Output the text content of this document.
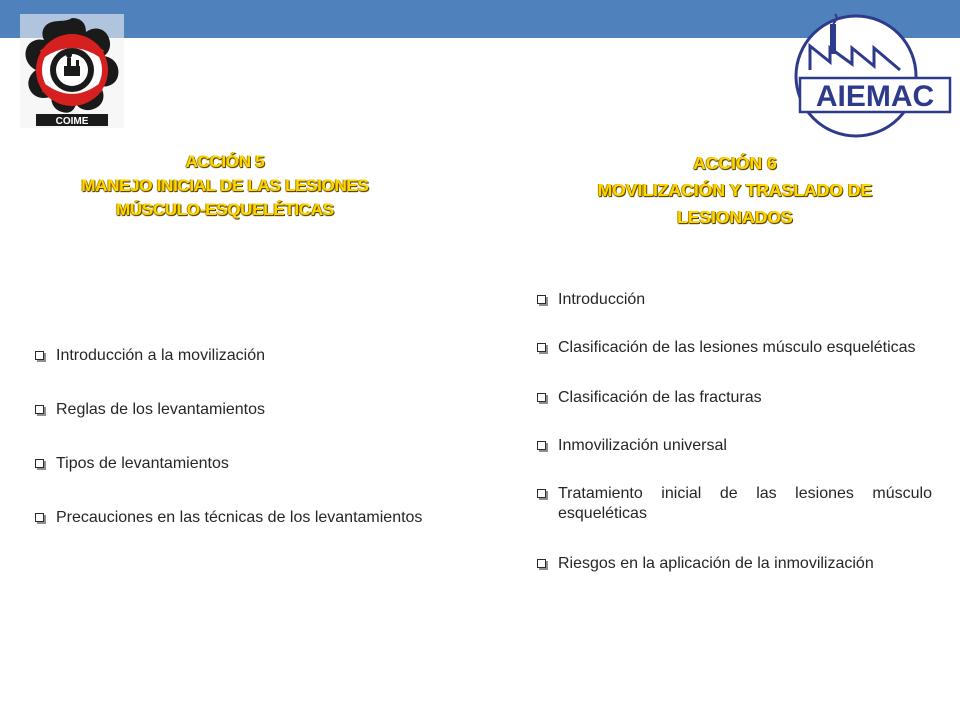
COIME
AIEMAC
ACCIÓN 5
MANEJO INICIAL DE LAS LESIONES
MÚSCULO-ESQUELÉTICAS
ACCIÓN 6
MOVILIZACIÓN Y TRASLADO DE
LESIONADOS
Introducción a la movilización
Reglas de los levantamientos
Tipos de levantamientos
Precauciones en las técnicas de los levantamientos
Introducción
Clasificación de las lesiones músculo esqueléticas
Clasificación de las fracturas
Inmovilización universal
Tratamiento inicial de las lesiones músculo esqueléticas
Riesgos en la aplicación de la inmovilización
